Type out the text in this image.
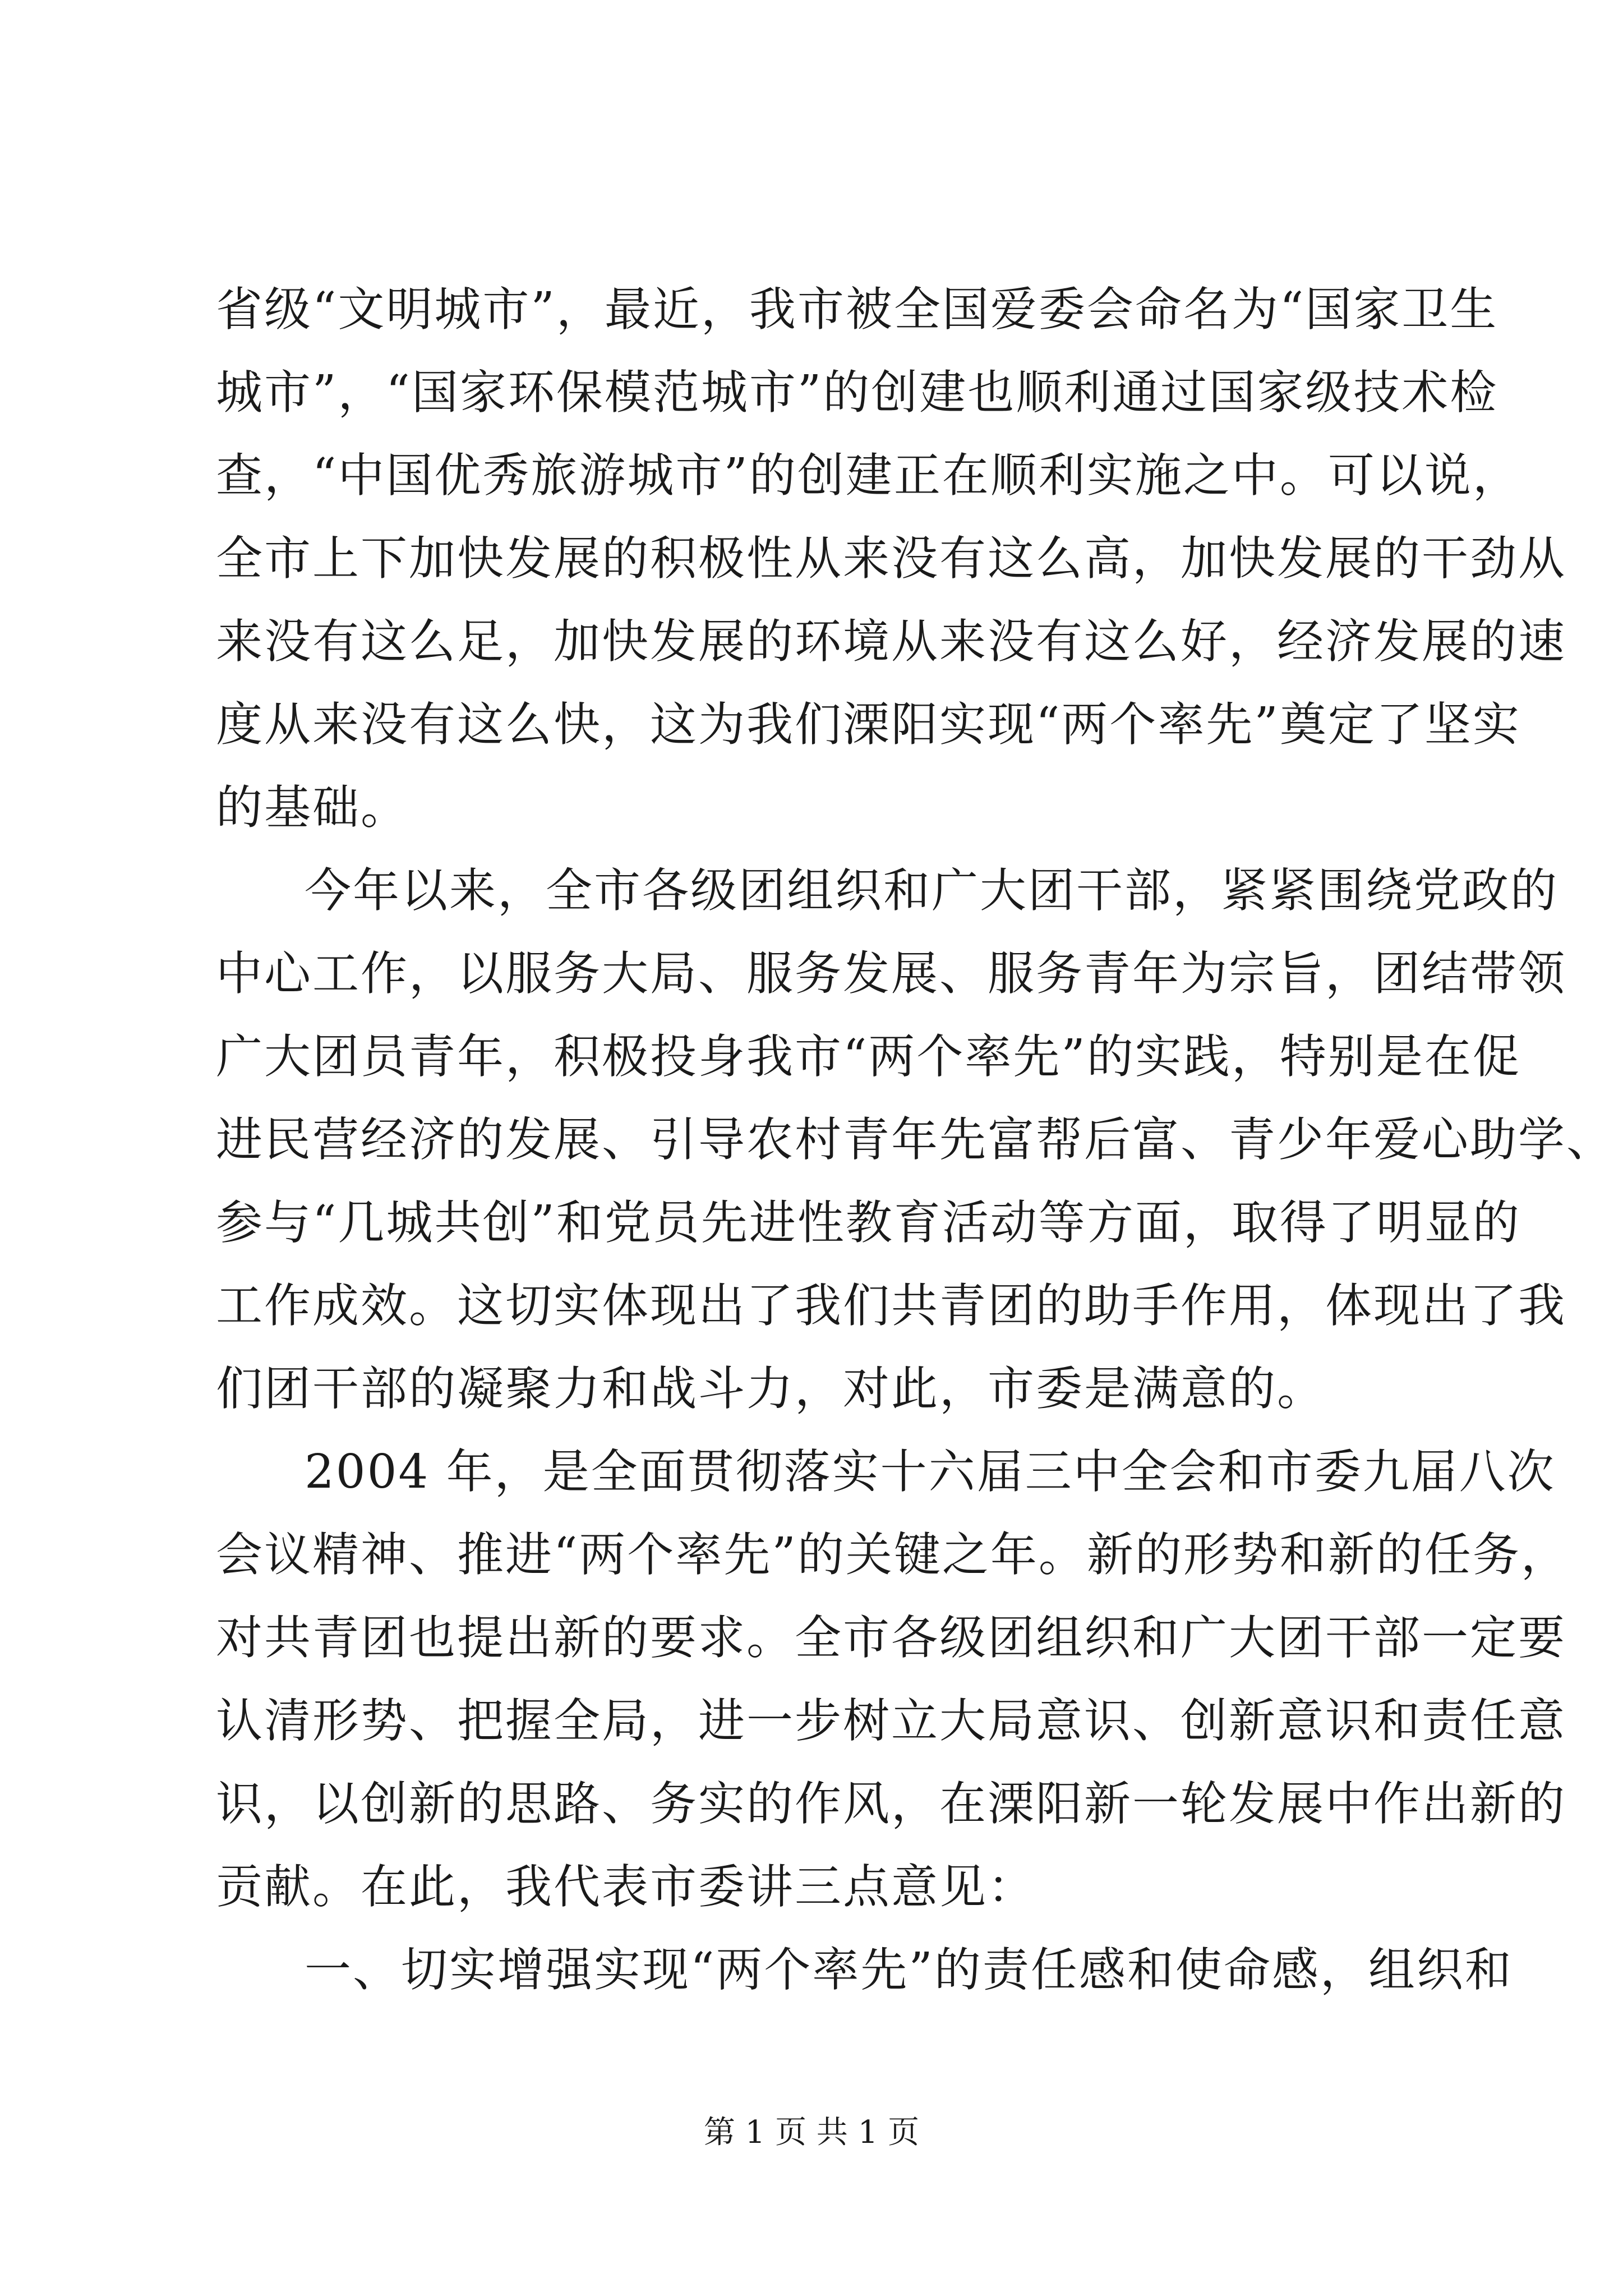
省级“文明城市”，最近，我市被全国爱委会命名为“国家卫生
城市”，“国家环保模范城市”的创建也顺利通过国家级技术检
查，“中国优秀旅游城市”的创建正在顺利实施之中。可以说，
全市上下加快发展的积极性从来没有这么高，加快发展的干劲从
来没有这么足，加快发展的环境从来没有这么好，经济发展的速
度从来没有这么快，这为我们溧阳实现“两个率先”奠定了坚实
的基础。
今年以来，全市各级团组织和广大团干部，紧紧围绕党政的
中心工作，以服务大局、服务发展、服务青年为宗旨，团结带领
广大团员青年，积极投身我市“两个率先”的实践，特别是在促
进民营经济的发展、引导农村青年先富帮后富、青少年爱心助学、
参与“几城共创”和党员先进性教育活动等方面，取得了明显的
工作成效。这切实体现出了我们共青团的助手作用，体现出了我
们团干部的凝聚力和战斗力，对此，市委是满意的。
2004 年，是全面贯彻落实十六届三中全会和市委九届八次
会议精神、推进“两个率先”的关键之年。新的形势和新的任务，
对共青团也提出新的要求。全市各级团组织和广大团干部一定要
认清形势、把握全局，进一步树立大局意识、创新意识和责任意
识，以创新的思路、务实的作风，在溧阳新一轮发展中作出新的
贡献。在此，我代表市委讲三点意见：
一、切实增强实现“两个率先”的责任感和使命感，组织和
第 1 页 共 1 页
